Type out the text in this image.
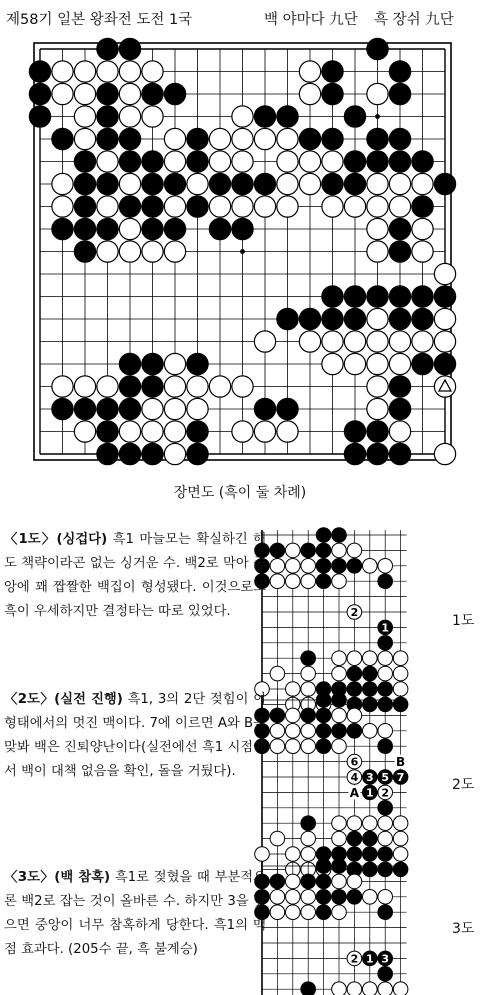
제58기 일본 왕좌전 도전 1국	백 야마다 九단 흑 장쉬 九단
2
1
6	B
4 3 5 7
A 1 2
2 1 3
장면도 (흑이 둘 차례)
〈1도〉(싱겁다) 흑1 마늘모는 확실하긴 해도 책략이라곤 없는 싱거운 수. 백2로 막아 중앙에 꽤 짭짤한 백집이 형성됐다. 이것으로도 흑이 우세하지만 결정타는 따로 있었다.
1도
〈2도〉(실전 진행) 흑1, 3의 2단 젖힘이 이 형태에서의 멋진 맥이다. 7에 이르면 A와 B를 맞봐 백은 진퇴양난이다(실전에선 흑1 시점에서 백이 대책 없음을 확인, 돌을 거뒀다).
2도
〈3도〉(백 참혹) 흑1로 젖혔을 때 부분적으론 백2로 잡는 것이 올바른 수. 하지만 3을 맞으면 중앙이 너무 참혹하게 당한다. 흑1의 맥점 효과다. (205수 끝, 흑 불계승)
3도
